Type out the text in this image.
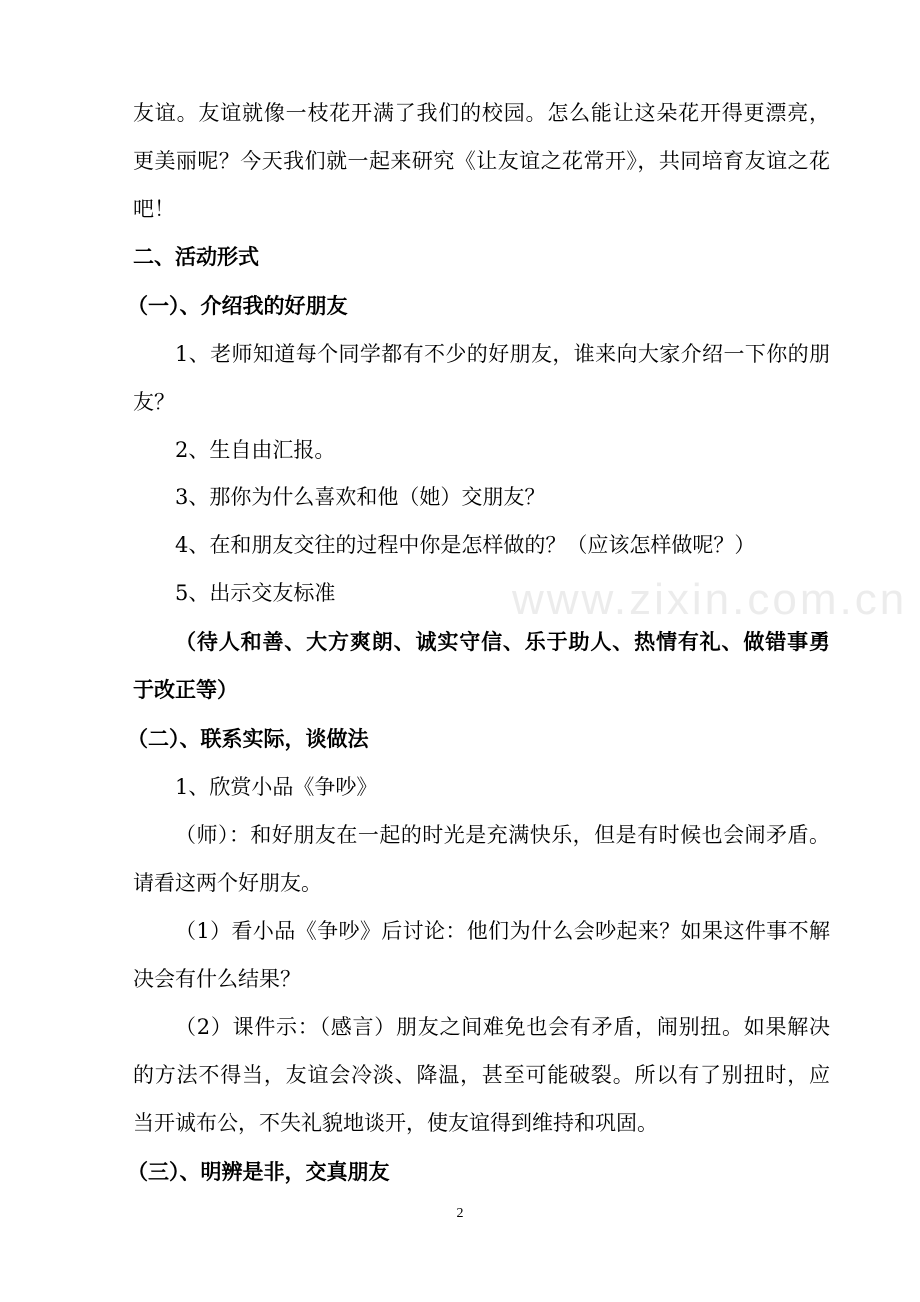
www.zixin.com.cn
友谊。友谊就像一枝花开满了我们的校园。怎么能让这朵花开得更漂亮，
更美丽呢？今天我们就一起来研究《让友谊之花常开》，共同培育友谊之花
吧！
二、活动形式
（一）、介绍我的好朋友
1、老师知道每个同学都有不少的好朋友，谁来向大家介绍一下你的朋
友？
2、生自由汇报。
3、那你为什么喜欢和他（她）交朋友？
4、在和朋友交往的过程中你是怎样做的？（应该怎样做呢？）
5、出示交友标准
（待人和善、大方爽朗、诚实守信、乐于助人、热情有礼、做错事勇
于改正等）
（二）、联系实际，谈做法
1、欣赏小品《争吵》
（师）：和好朋友在一起的时光是充满快乐，但是有时候也会闹矛盾。
请看这两个好朋友。
（1）看小品《争吵》后讨论：他们为什么会吵起来？如果这件事不解
决会有什么结果？
（2）课件示：（感言）朋友之间难免也会有矛盾，闹别扭。如果解决
的方法不得当，友谊会冷淡、降温，甚至可能破裂。所以有了别扭时，应
当开诚布公，不失礼貌地谈开，使友谊得到维持和巩固。
（三）、明辨是非，交真朋友
2
